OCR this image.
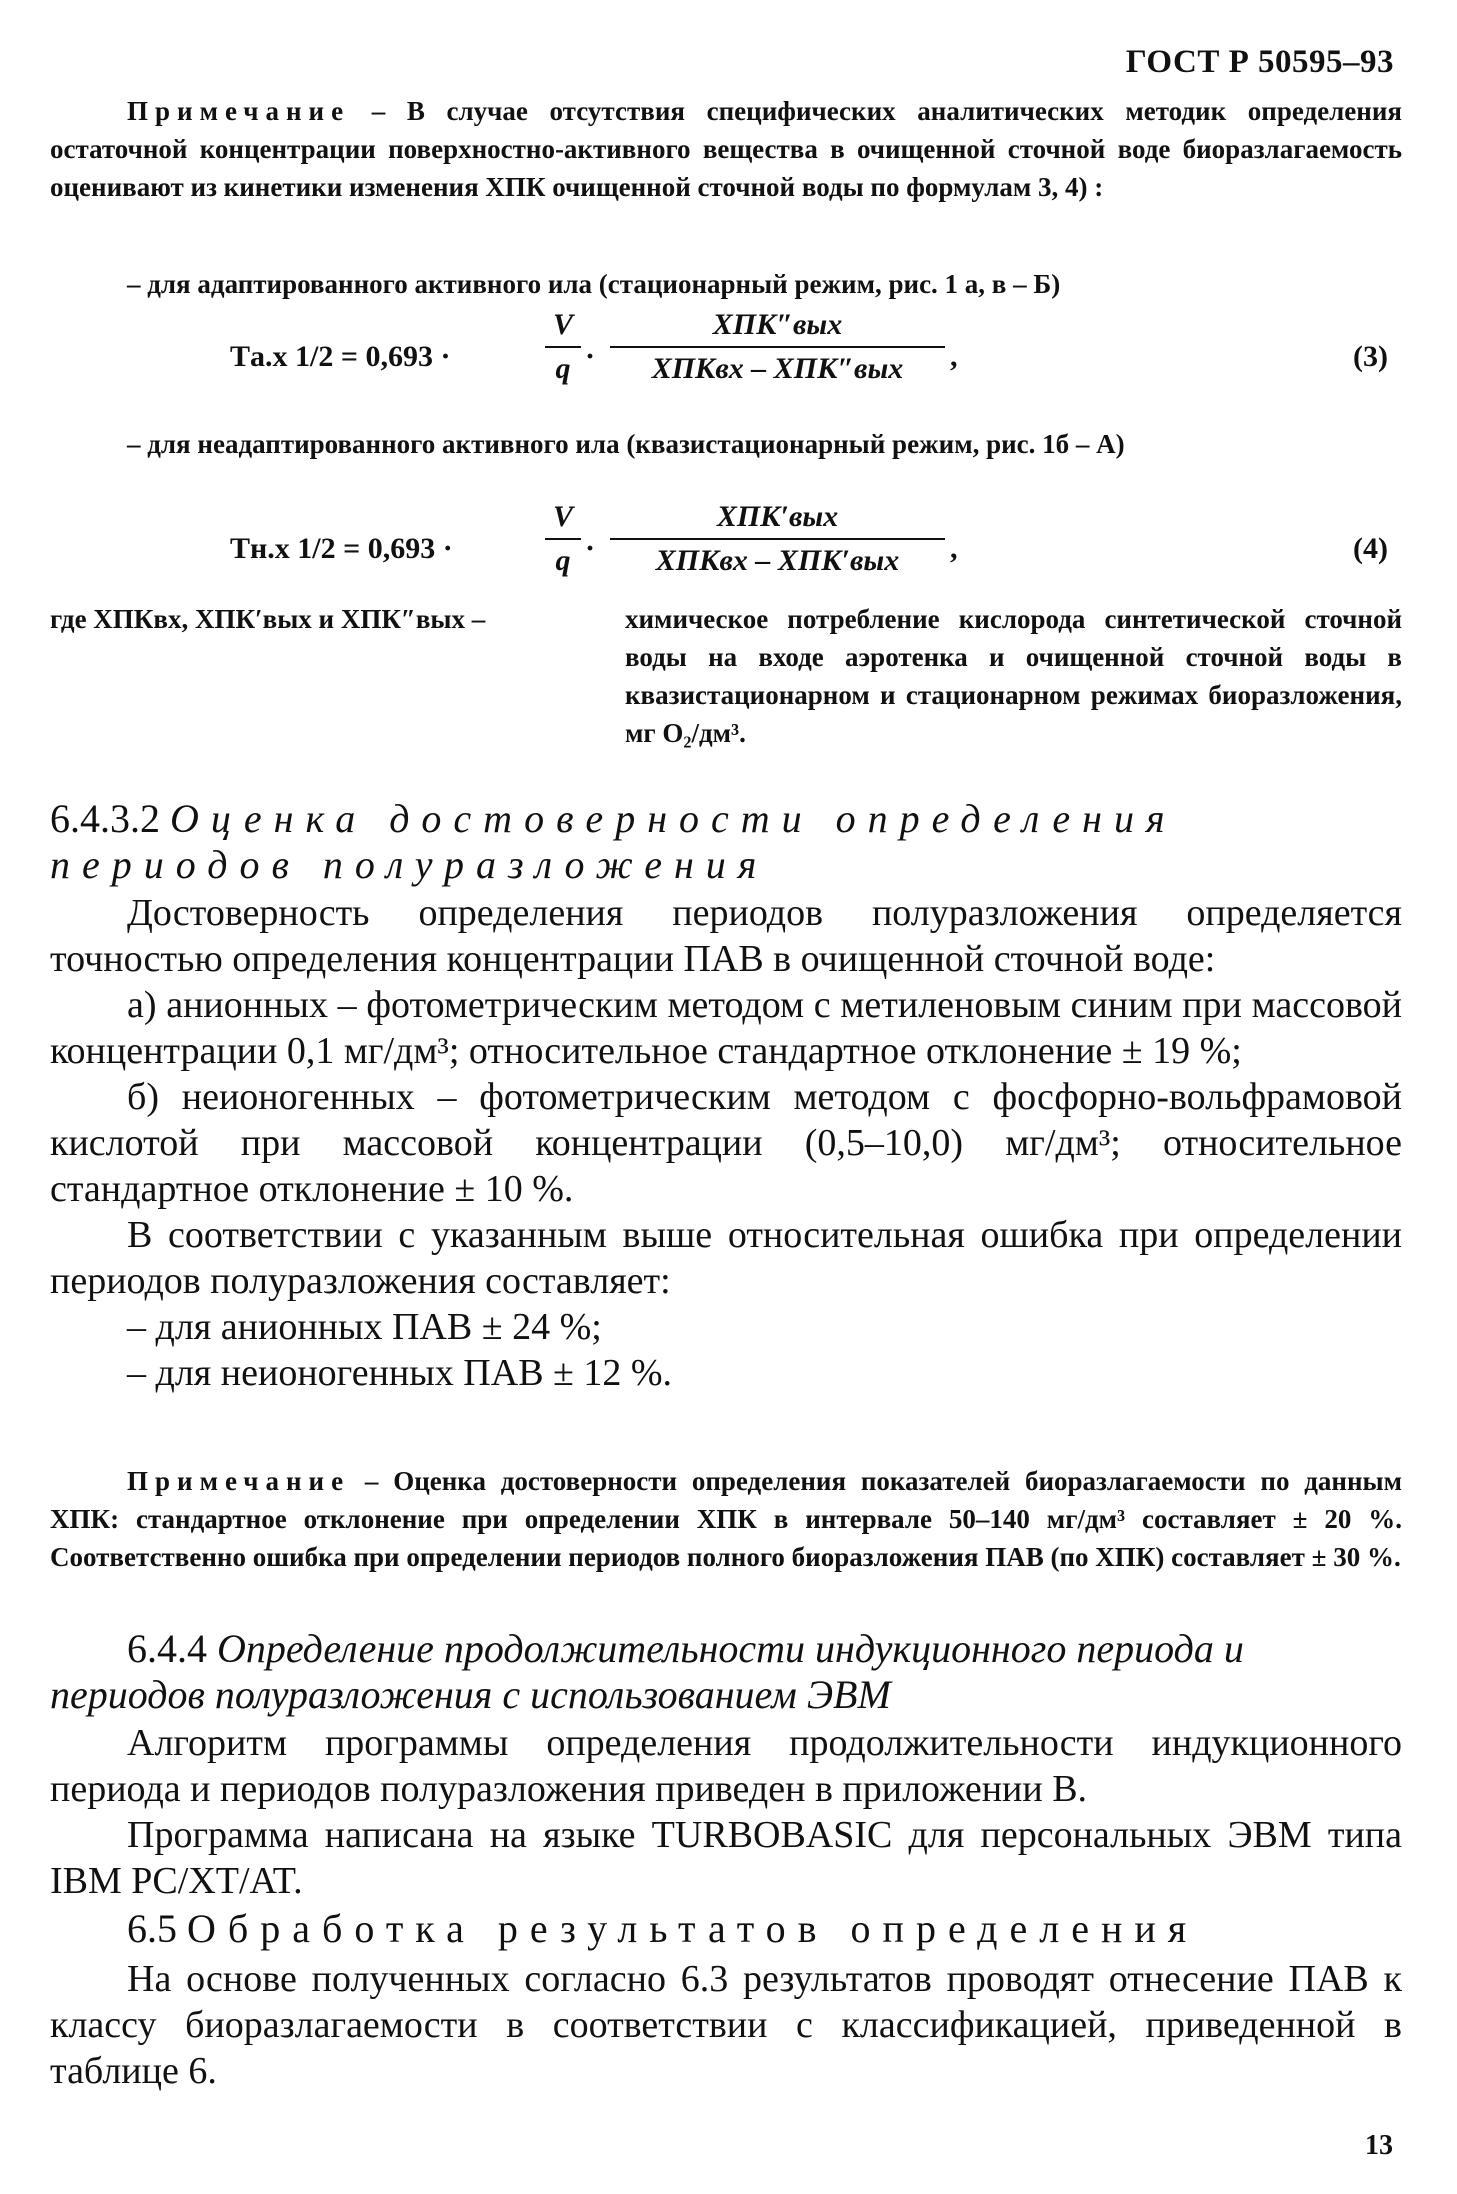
ГОСТ Р 50595–93

Примечание – В случае отсутствия специфических аналитических методик определения остаточной концентрации поверхностно-активного вещества в очищенной сточной воде биоразлагаемость оценивают из кинетики изменения ХПК очищенной сточной воды по формулам 3, 4) :

– для адаптированного активного ила (стационарный режим, рис. 1 а, в – Б)

Tа.х 1/2 = 0,693 ·
V
q ·
ХПК″вых
ХПКвх – ХПК″вых	,	(3)

– для неадаптированного активного ила (квазистационарный режим, рис. 1б – А)

Tн.х 1/2 = 0,693 ·
V
q ·
ХПК′вых
ХПКвх – ХПК′вых	,	(4)
где ХПКвх, ХПК′вых и ХПК″вых –	химическое потребление кислорода синтетической сточной воды на входе аэротенка и очищенной сточной воды в квазистационарном и стационарном режимах биоразложения, мг O₂/дм³.
6.4.3.2 Оценка достоверности определения периодов полуразложения

Достоверность определения периодов полуразложения определяется точностью определения концентрации ПАВ в очищенной сточной воде:

а) анионных – фотометрическим методом с метиленовым синим при массовой концентрации 0,1 мг/дм³; относительное стандартное отклонение ± 19 %;

б) неионогенных – фотометрическим методом с фосфорно-вольфрамовой кислотой при массовой концентрации (0,5–10,0) мг/дм³; относительное стандартное отклонение ± 10 %.

В соответствии с указанным выше относительная ошибка при определении периодов полуразложения составляет:

– для анионных ПАВ ± 24 %;

– для неионогенных ПАВ ± 12 %.

Примечание – Оценка достоверности определения показателей биоразлагаемости по данным ХПК: стандартное отклонение при определении ХПК в интервале 50–140 мг/дм³ составляет ± 20 %. Соответственно ошибка при определении периодов полного биоразложения ПАВ (по ХПК) составляет ± 30 %.

6.4.4 Определение продолжительности индукционного периода и периодов полуразложения с использованием ЭВМ

Алгоритм программы определения продолжительности индукционного периода и периодов полуразложения приведен в приложении В.

Программа написана на языке TURBOBASIC для персональных ЭВМ типа IBM PC/XT/AT.

6.5 Обработка результатов определения

На основе полученных согласно 6.3 результатов проводят отнесение ПАВ к классу биоразлагаемости в соответствии с классификацией, приведенной в таблице 6.

13
